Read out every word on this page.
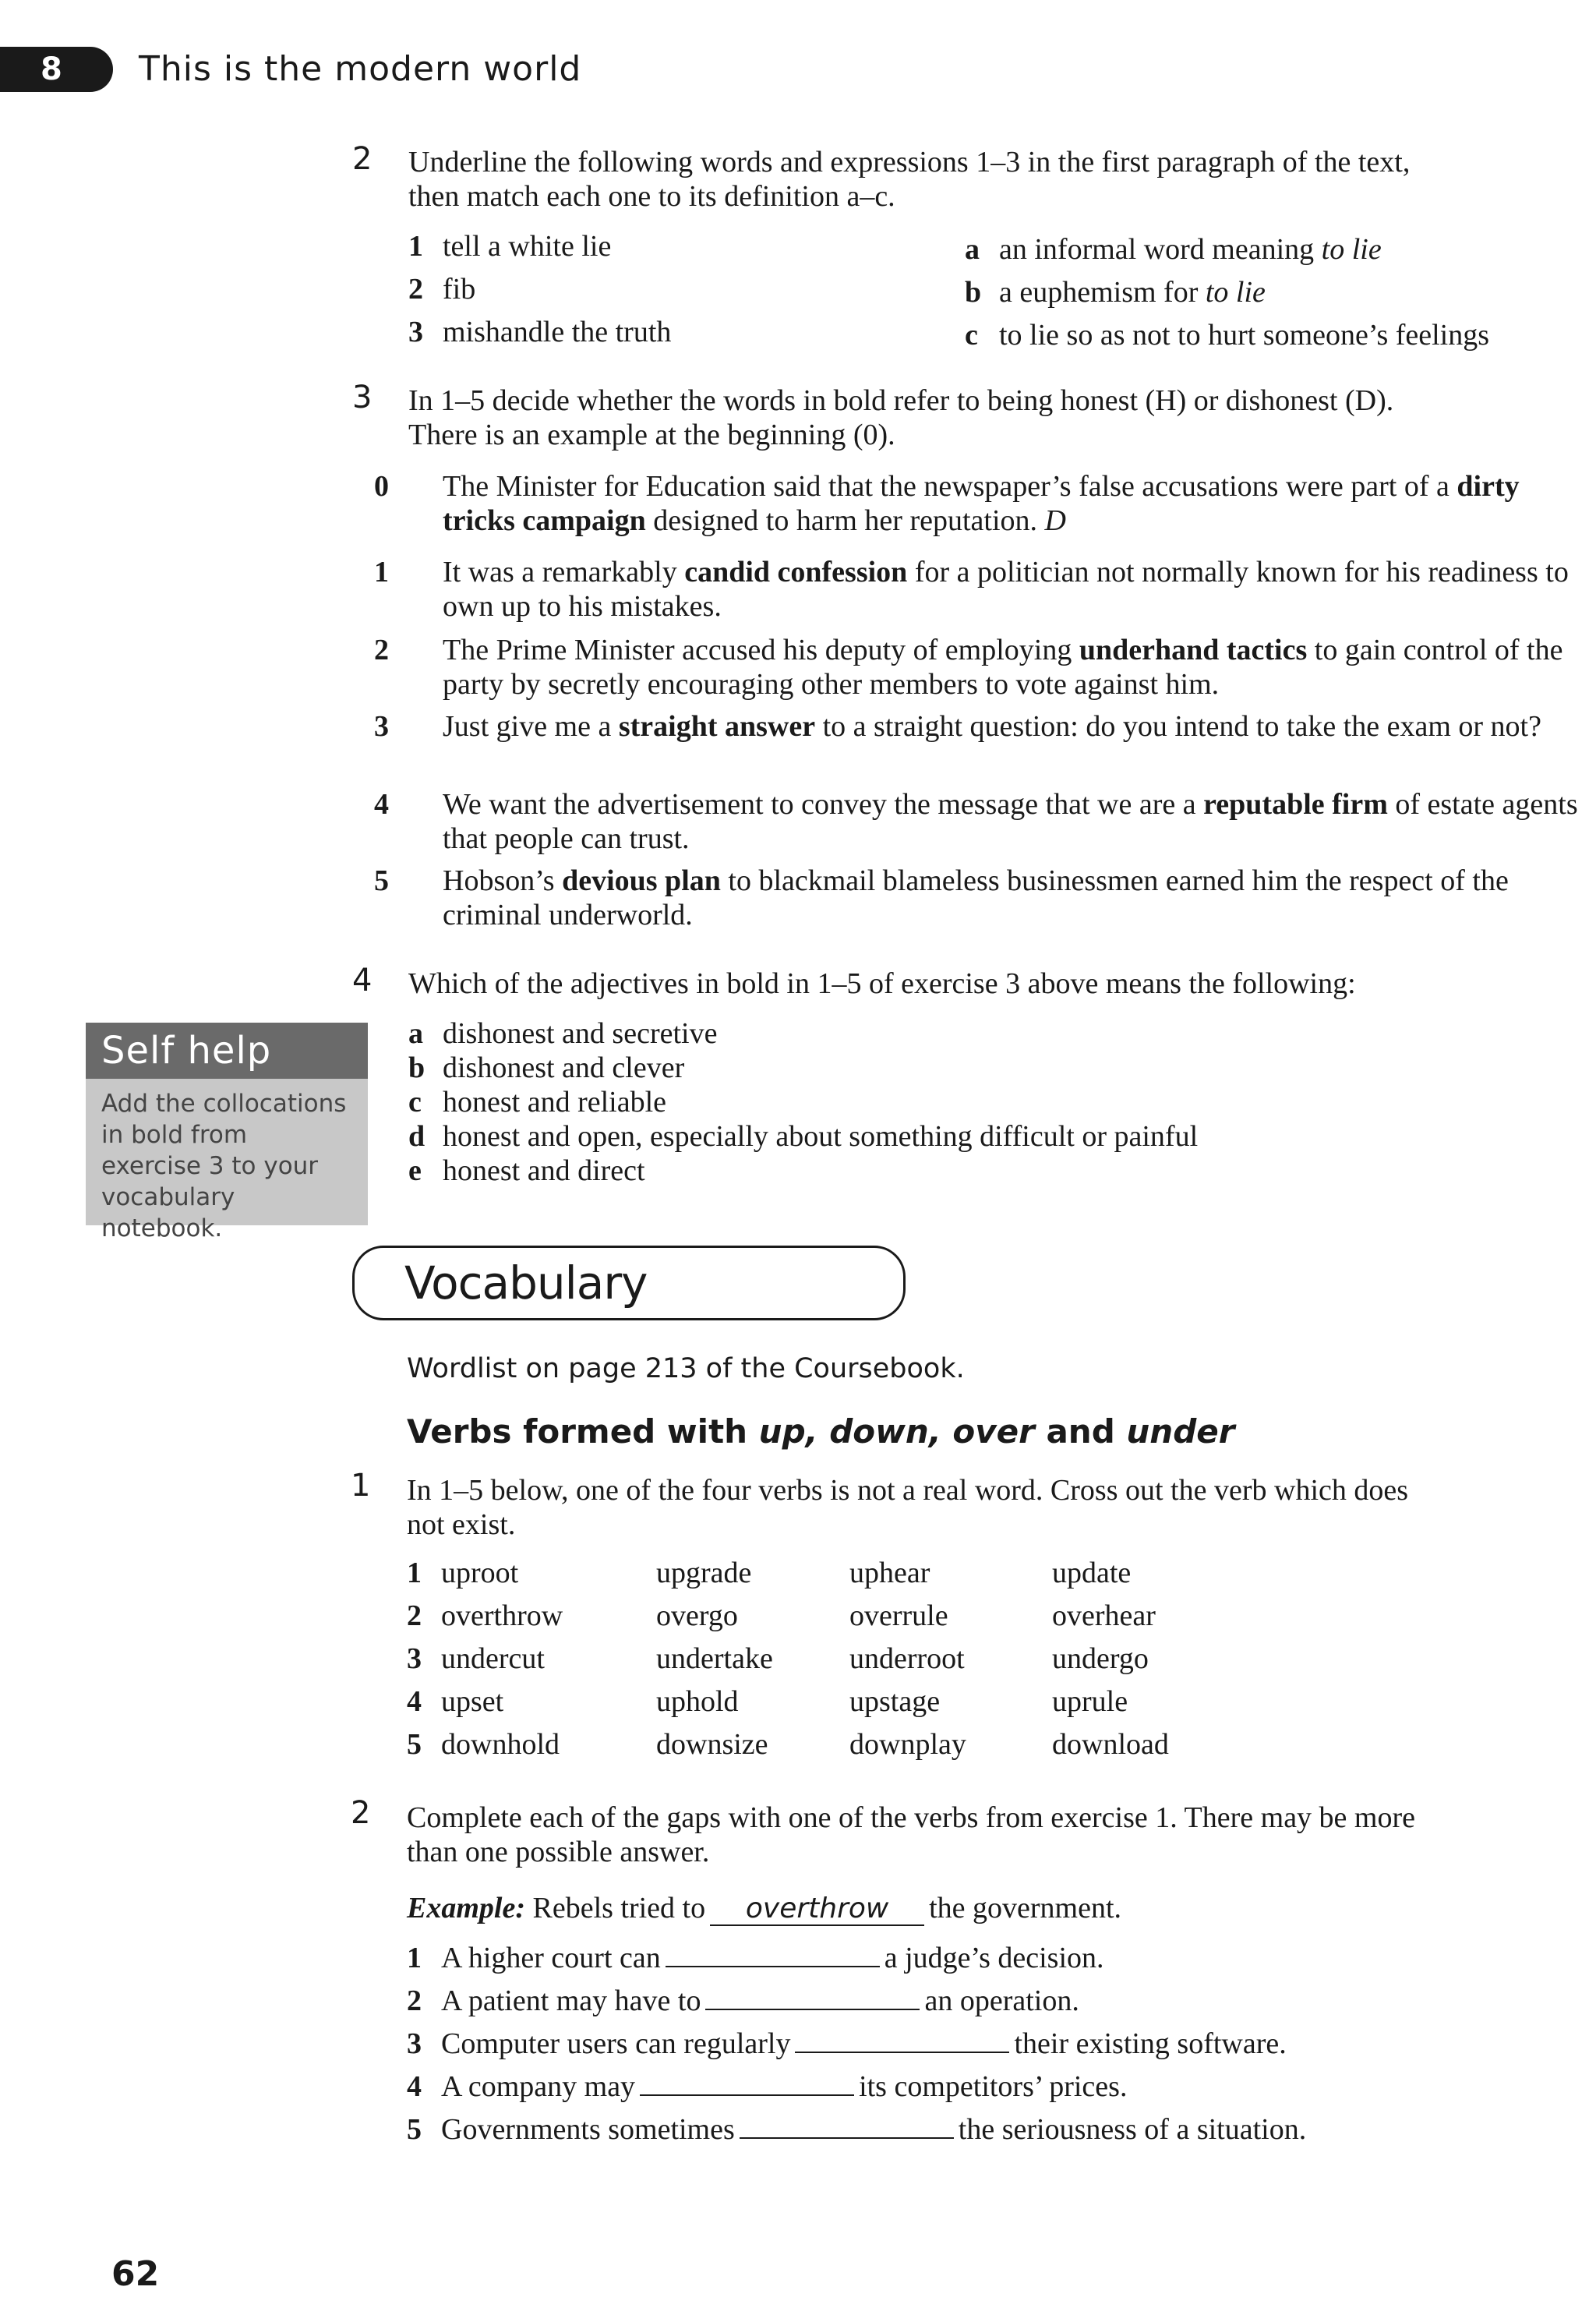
8	This is the modern world
2 Underline the following words and expressions 1–3 in the first paragraph of the text,
then match each one to its definition a–c.
1 tell a white lie
2 fib
3 mishandle the truth
a an informal word meaning to lie
b a euphemism for to lie
c to lie so as not to hurt someone’s feelings
3 In 1–5 decide whether the words in bold refer to being honest (H) or dishonest (D).
There is an example at the beginning (0).
0 The Minister for Education said that the newspaper’s false accusations were part of a dirty tricks campaign designed to harm her reputation. D
1 It was a remarkably candid confession for a politician not normally known for his readiness to own up to his mistakes.
2 The Prime Minister accused his deputy of employing underhand tactics to gain control of the party by secretly encouraging other members to vote against him.
3 Just give me a straight answer to a straight question: do you intend to take the exam or not?
4 We want the advertisement to convey the message that we are a reputable firm of estate agents that people can trust.
5 Hobson’s devious plan to blackmail blameless businessmen earned him the respect of the criminal underworld.
4 Which of the adjectives in bold in 1–5 of exercise 3 above means the following:
a dishonest and secretive
b dishonest and clever
c honest and reliable
d honest and open, especially about something difficult or painful
e honest and direct
Self help
Add the collocations in bold from exercise 3 to your vocabulary notebook.
Vocabulary
Wordlist on page 213 of the Coursebook.
Verbs formed with up, down, over and under
1 In 1–5 below, one of the four verbs is not a real word. Cross out the verb which does
not exist.
1 uproot	upgrade	uphear	update
2 overthrow	overgo	overrule	overhear
3 undercut	undertake	underroot	undergo
4 upset	uphold	upstage	uprule
5 downhold	downsize	downplay	download
2 Complete each of the gaps with one of the verbs from exercise 1. There may be more
than one possible answer.
Example: Rebels tried to overthrow the government.
1 A higher court can	a judge’s decision.
2 A patient may have to	an operation.
3 Computer users can regularly	their existing software.
4 A company may	its competitors’ prices.
5 Governments sometimes	the seriousness of a situation.
62
